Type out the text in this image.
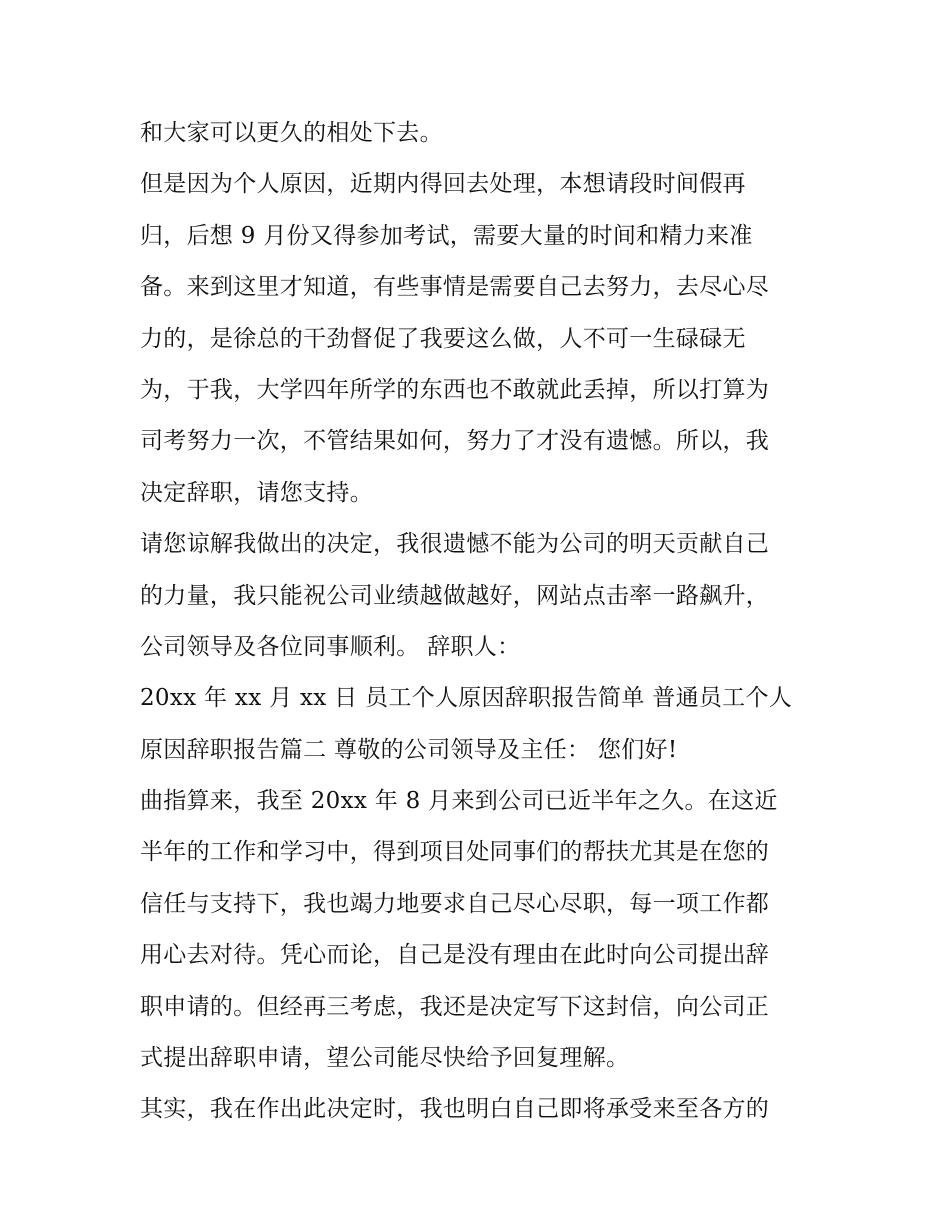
和大家可以更久的相处下去。
但是因为个人原因，近期内得回去处理，本想请段时间假再
归，后想 9 月份又得参加考试，需要大量的时间和精力来准
备。来到这里才知道，有些事情是需要自己去努力，去尽心尽
力的，是徐总的干劲督促了我要这么做，人不可一生碌碌无
为，于我，大学四年所学的东西也不敢就此丢掉，所以打算为
司考努力一次，不管结果如何，努力了才没有遗憾。所以，我
决定辞职，请您支持。
请您谅解我做出的决定，我很遗憾不能为公司的明天贡献自己
的力量，我只能祝公司业绩越做越好，网站点击率一路飙升，
公司领导及各位同事顺利。 辞职人：
20xx 年 xx 月 xx 日 员工个人原因辞职报告简单 普通员工个人
原因辞职报告篇二 尊敬的公司领导及主任： 您们好!
曲指算来，我至 20xx 年 8 月来到公司已近半年之久。在这近
半年的工作和学习中，得到项目处同事们的帮扶尤其是在您的
信任与支持下，我也竭力地要求自己尽心尽职，每一项工作都
用心去对待。凭心而论，自己是没有理由在此时向公司提出辞
职申请的。但经再三考虑，我还是决定写下这封信，向公司正
式提出辞职申请，望公司能尽快给予回复理解。
其实，我在作出此决定时，我也明白自己即将承受来至各方的
